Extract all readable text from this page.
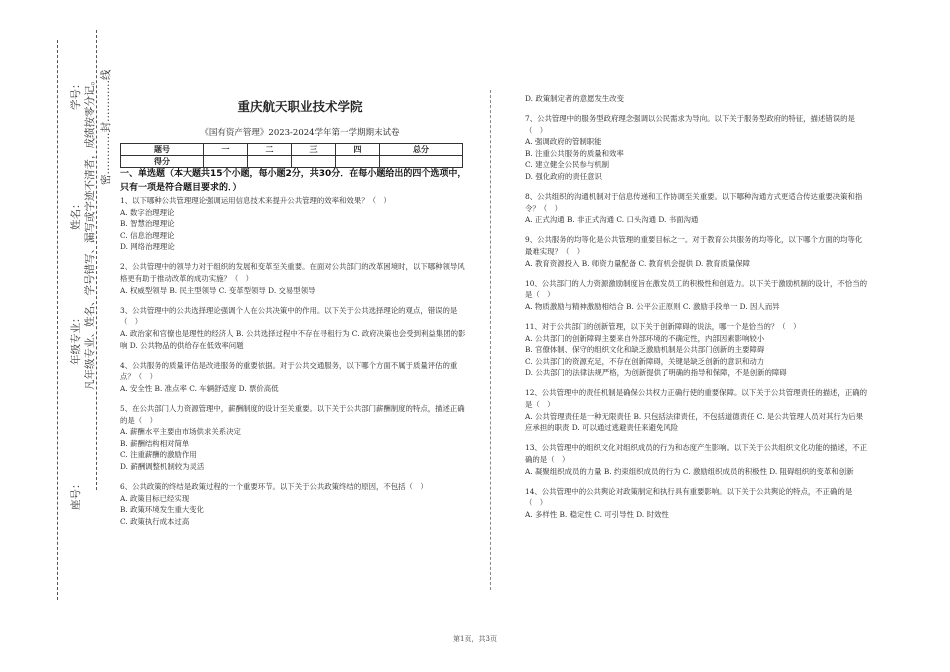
学号：
姓名：
年级专业：
座号：
凡年级专业、姓名、学号错写、漏写或字迹不清者，成绩按零分记。 密…………封…………线	重庆航天职业技术学院
《国有资产管理》2023-2024学年第一学期期末试卷
题号	一	二	三	四	总分
得分					

一、单选题（本大题共15个小题，每小题2分，共30分．在每小题给出的四个选项中，只有一项是符合题目要求的．）

1、以下哪种公共管理理论强调运用信息技术来提升公共管理的效率和效果？（　）
A. 数字治理理论
B. 智慧治理理论
C. 信息治理理论
D. 网络治理理论

2、公共管理中的领导力对于组织的发展和变革至关重要。在面对公共部门的改革困境时，以下哪种领导风格更有助于推动改革的成功实施？（　）
A. 权威型领导 B. 民主型领导 C. 变革型领导 D. 交易型领导

3、公共管理中的公共选择理论强调个人在公共决策中的作用。以下关于公共选择理论的观点，错误的是（　）
A. 政治家和官僚也是理性的经济人 B. 公共选择过程中不存在寻租行为 C. 政府决策也会受到利益集团的影响 D. 公共物品的供给存在低效率问题

4、公共服务的质量评估是改进服务的重要依据。对于公共交通服务，以下哪个方面不属于质量评估的重点？（　）
A. 安全性 B. 准点率 C. 车辆舒适度 D. 票价高低

5、在公共部门人力资源管理中，薪酬制度的设计至关重要。以下关于公共部门薪酬制度的特点，描述正确的是（　）
A. 薪酬水平主要由市场供求关系决定
B. 薪酬结构相对简单
C. 注重薪酬的激励作用
D. 薪酬调整机制较为灵活

6、公共政策的终结是政策过程的一个重要环节。以下关于公共政策终结的原因，不包括（　）
A. 政策目标已经实现
B. 政策环境发生重大变化
C. 政策执行成本过高

D. 政策制定者的意愿发生改变

7、公共管理中的服务型政府理念强调以公民需求为导向。以下关于服务型政府的特征，描述错误的是（　）
A. 强调政府的管制职能
B. 注重公共服务的质量和效率
C. 建立健全公民参与机制
D. 强化政府的责任意识

8、公共组织的沟通机制对于信息传递和工作协调至关重要。以下哪种沟通方式更适合传达重要决策和指令？（　）
A. 正式沟通 B. 非正式沟通 C. 口头沟通 D. 书面沟通

9、公共服务的均等化是公共管理的重要目标之一。对于教育公共服务的均等化，以下哪个方面的均等化最难实现？（　）
A. 教育资源投入 B. 师资力量配备 C. 教育机会提供 D. 教育质量保障

10、公共部门的人力资源激励制度旨在激发员工的积极性和创造力。以下关于激励机制的设计，不恰当的是（　）
A. 物质激励与精神激励相结合 B. 公平公正原则 C. 激励手段单一 D. 因人而异

11、对于公共部门的创新管理，以下关于创新障碍的说法，哪一个是恰当的？（　）
A. 公共部门的创新障碍主要来自外部环境的不确定性，内部因素影响较小
B. 官僚体制、保守的组织文化和缺乏激励机制是公共部门创新的主要障碍
C. 公共部门的资源充足，不存在创新障碍，关键是缺乏创新的意识和动力
D. 公共部门的法律法规严格，为创新提供了明确的指导和保障，不是创新的障碍

12、公共管理中的责任机制是确保公共权力正确行使的重要保障。以下关于公共管理责任的描述，正确的是（　）
A. 公共管理责任是一种无限责任 B. 只包括法律责任，不包括道德责任 C. 是公共管理人员对其行为后果应承担的职责 D. 可以通过逃避责任来避免风险

13、公共管理中的组织文化对组织成员的行为和态度产生影响。以下关于公共组织文化功能的描述，不正确的是（　）
A. 凝聚组织成员的力量 B. 约束组织成员的行为 C. 激励组织成员的积极性 D. 阻碍组织的变革和创新

14、公共管理中的公共舆论对政策制定和执行具有重要影响。以下关于公共舆论的特点，不正确的是（　）
A. 多样性 B. 稳定性 C. 可引导性 D. 时效性

第1页，共3页
